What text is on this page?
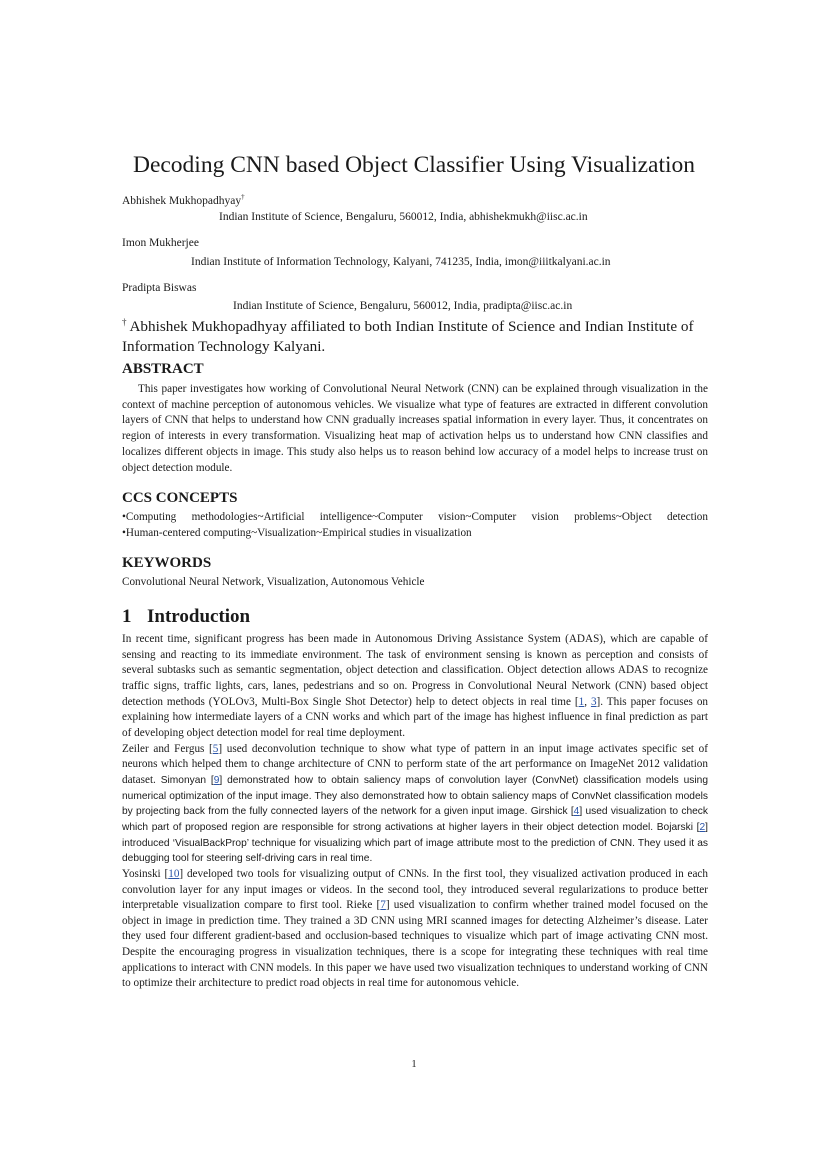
Decoding CNN based Object Classifier Using Visualization
Abhishek Mukhopadhyay†
Indian Institute of Science, Bengaluru, 560012, India, abhishekmukh@iisc.ac.in
Imon Mukherjee
Indian Institute of Information Technology, Kalyani, 741235, India, imon@iiitkalyani.ac.in
Pradipta Biswas
Indian Institute of Science, Bengaluru, 560012, India, pradipta@iisc.ac.in
† Abhishek Mukhopadhyay affiliated to both Indian Institute of Science and Indian Institute of Information Technology Kalyani.
ABSTRACT
This paper investigates how working of Convolutional Neural Network (CNN) can be explained through visualization in the context of machine perception of autonomous vehicles. We visualize what type of features are extracted in different convolution layers of CNN that helps to understand how CNN gradually increases spatial information in every layer. Thus, it concentrates on region of interests in every transformation. Visualizing heat map of activation helps us to understand how CNN classifies and localizes different objects in image. This study also helps us to reason behind low accuracy of a model helps to increase trust on object detection module.
CCS CONCEPTS
•Computing methodologies~Artificial intelligence~Computer vision~Computer vision problems~Object detection
•Human-centered computing~Visualization~Empirical studies in visualization
KEYWORDS
Convolutional Neural Network, Visualization, Autonomous Vehicle
1 Introduction
In recent time, significant progress has been made in Autonomous Driving Assistance System (ADAS), which are capable of sensing and reacting to its immediate environment. The task of environment sensing is known as perception and consists of several subtasks such as semantic segmentation, object detection and classification. Object detection allows ADAS to recognize traffic signs, traffic lights, cars, lanes, pedestrians and so on. Progress in Convolutional Neural Network (CNN) based object detection methods (YOLOv3, Multi-Box Single Shot Detector) help to detect objects in real time [1, 3]. This paper focuses on explaining how intermediate layers of a CNN works and which part of the image has highest influence in final prediction as part of developing object detection model for real time deployment.
Zeiler and Fergus [5] used deconvolution technique to show what type of pattern in an input image activates specific set of neurons which helped them to change architecture of CNN to perform state of the art performance on ImageNet 2012 validation dataset. Simonyan [9] demonstrated how to obtain saliency maps of convolution layer (ConvNet) classification models using numerical optimization of the input image. They also demonstrated how to obtain saliency maps of ConvNet classification models by projecting back from the fully connected layers of the network for a given input image. Girshick [4] used visualization to check which part of proposed region are responsible for strong activations at higher layers in their object detection model. Bojarski [2] introduced ‘VisualBackProp’ technique for visualizing which part of image attribute most to the prediction of CNN. They used it as debugging tool for steering self-driving cars in real time.
Yosinski [10] developed two tools for visualizing output of CNNs. In the first tool, they visualized activation produced in each convolution layer for any input images or videos. In the second tool, they introduced several regularizations to produce better interpretable visualization compare to first tool. Rieke [7] used visualization to confirm whether trained model focused on the object in image in prediction time. They trained a 3D CNN using MRI scanned images for detecting Alzheimer’s disease. Later they used four different gradient-based and occlusion-based techniques to visualize which part of image activating CNN most. Despite the encouraging progress in visualization techniques, there is a scope for integrating these techniques with real time applications to interact with CNN models. In this paper we have used two visualization techniques to understand working of CNN to optimize their architecture to predict road objects in real time for autonomous vehicle.
1
